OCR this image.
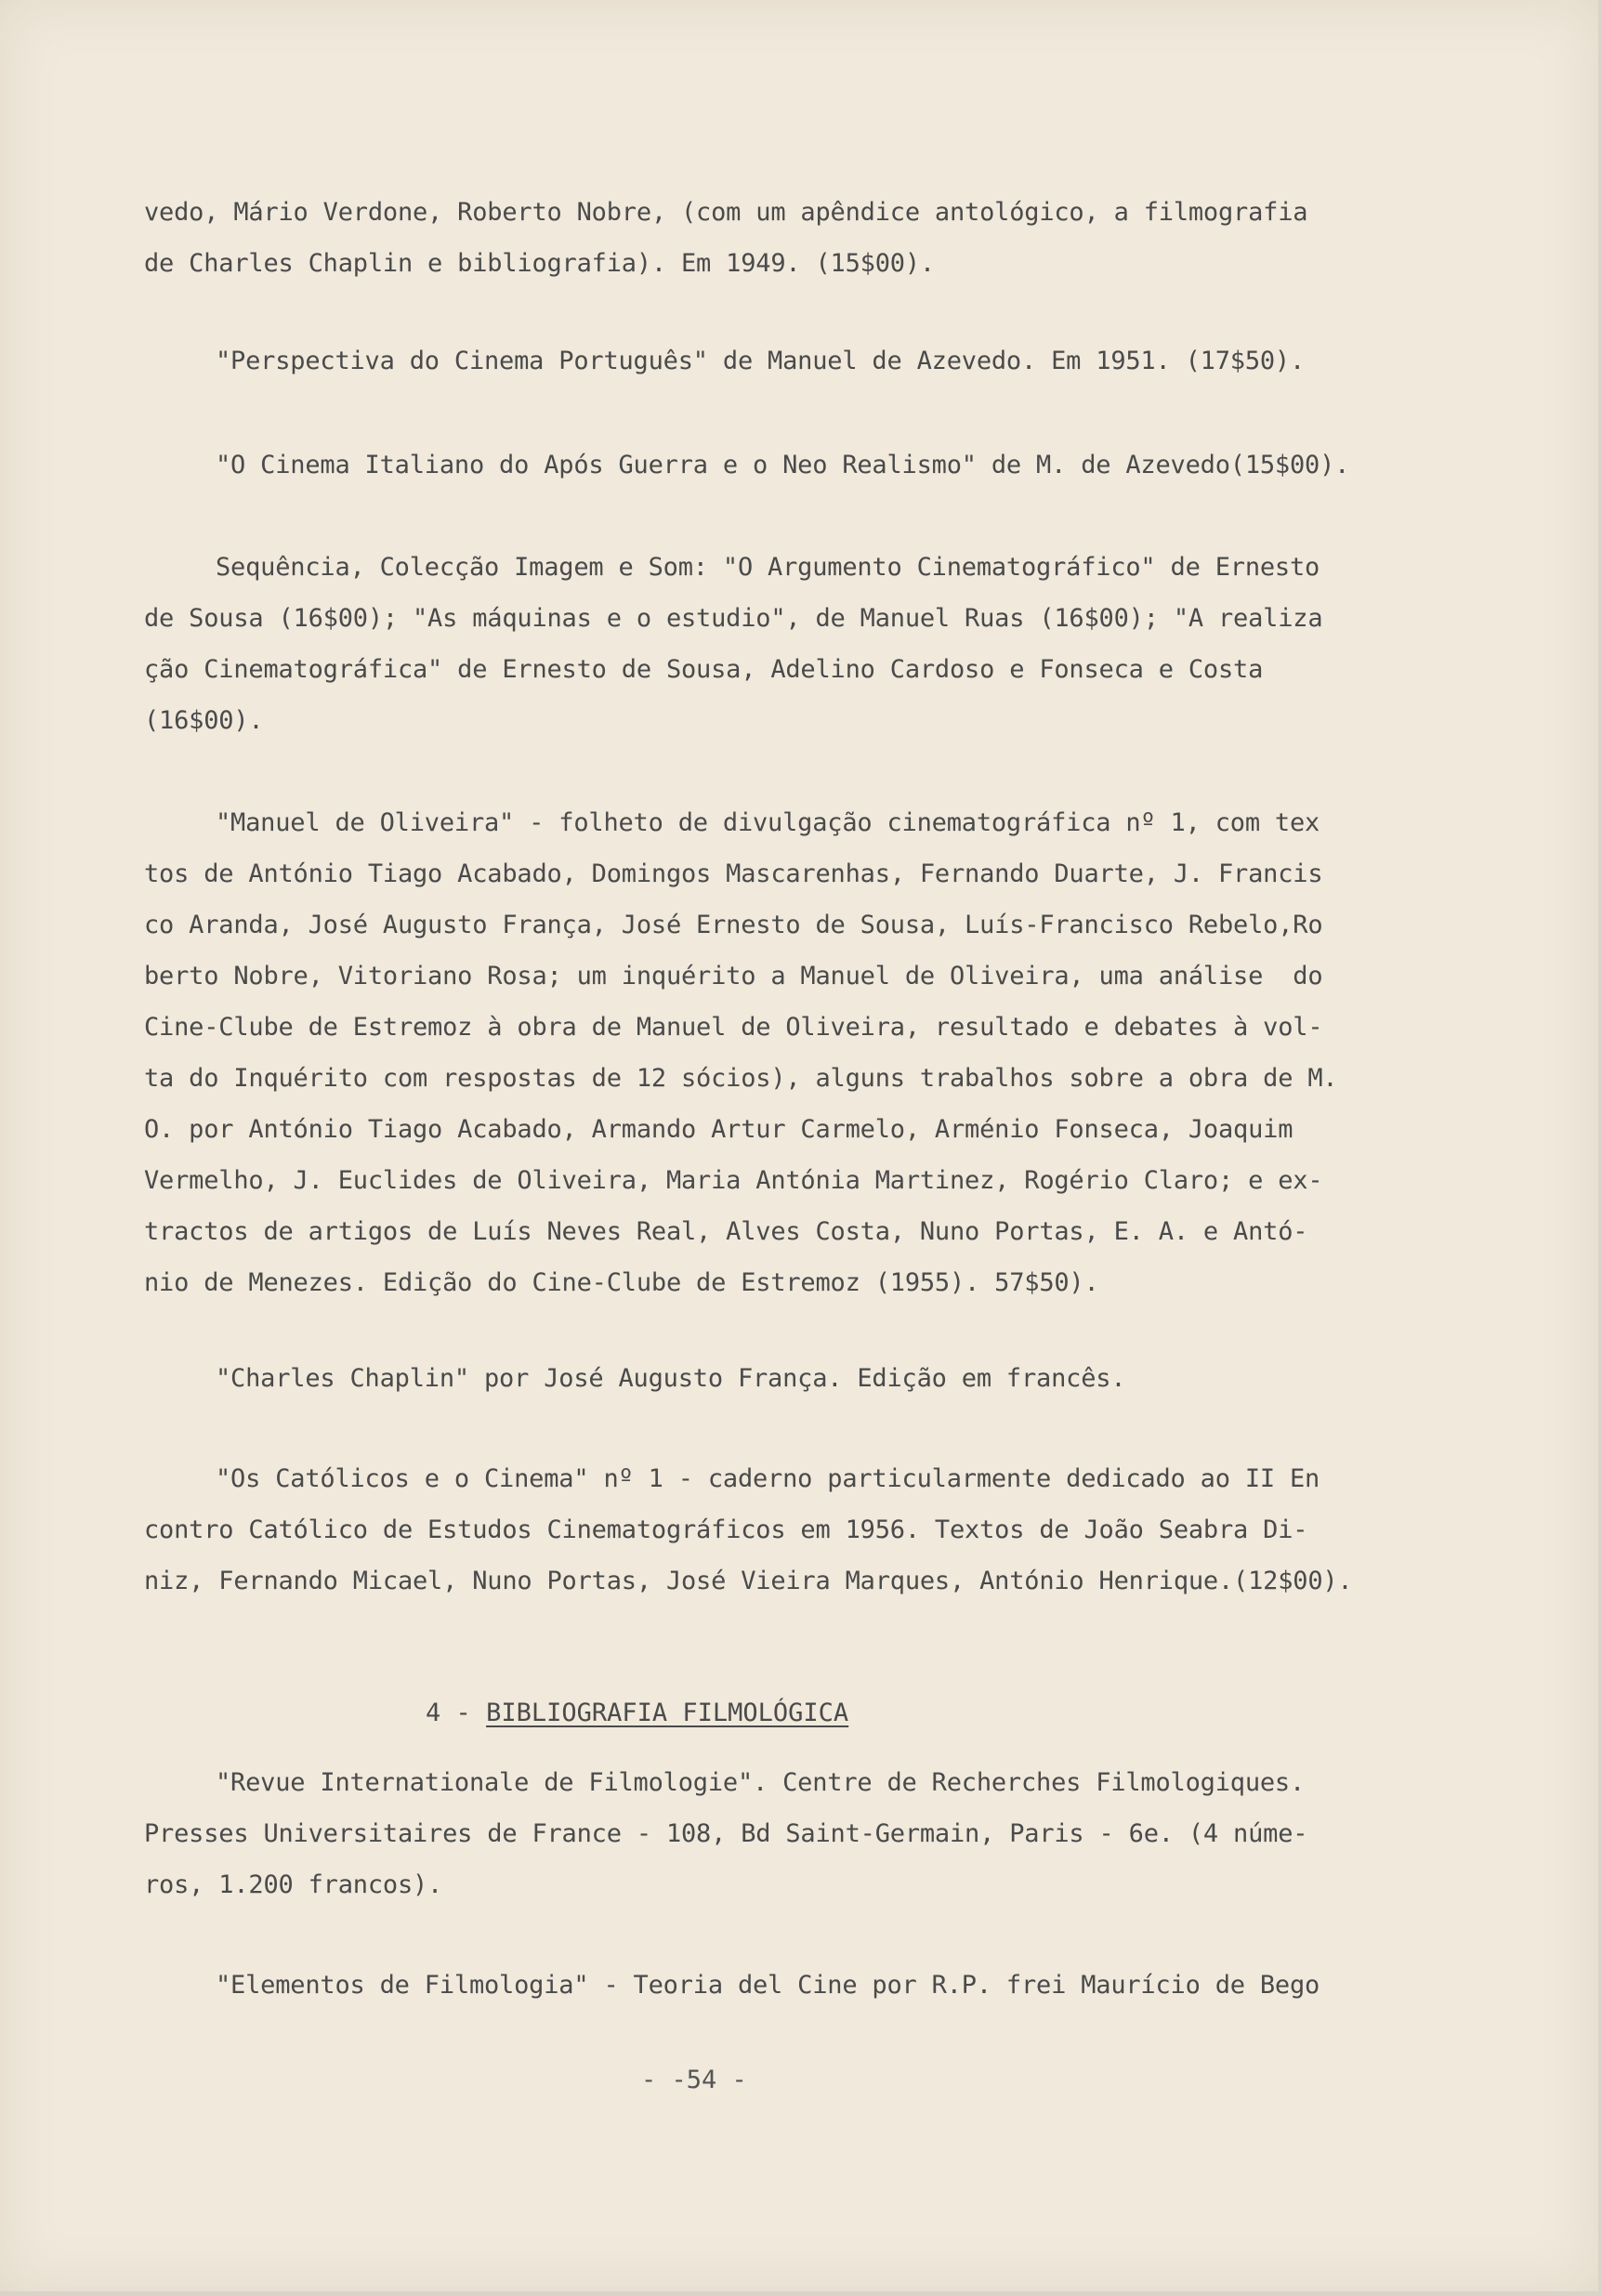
vedo, Mário Verdone, Roberto Nobre, (com um apêndice antológico, a filmografia
de Charles Chaplin e bibliografia). Em 1949. (15$00).
"Perspectiva do Cinema Português" de Manuel de Azevedo. Em 1951. (17$50).
"O Cinema Italiano do Após Guerra e o Neo Realismo" de M. de Azevedo(15$00).
Sequência, Colecção Imagem e Som: "O Argumento Cinematográfico" de Ernesto
de Sousa (16$00); "As máquinas e o estudio", de Manuel Ruas (16$00); "A realiza
ção Cinematográfica" de Ernesto de Sousa, Adelino Cardoso e Fonseca e Costa
(16$00).
"Manuel de Oliveira" - folheto de divulgação cinematográfica nº 1, com tex
tos de António Tiago Acabado, Domingos Mascarenhas, Fernando Duarte, J. Francis
co Aranda, José Augusto França, José Ernesto de Sousa, Luís-Francisco Rebelo,Ro
berto Nobre, Vitoriano Rosa; um inquérito a Manuel de Oliveira, uma análise  do
Cine-Clube de Estremoz à obra de Manuel de Oliveira, resultado e debates à vol-
ta do Inquérito com respostas de 12 sócios), alguns trabalhos sobre a obra de M.
O. por António Tiago Acabado, Armando Artur Carmelo, Arménio Fonseca, Joaquim
Vermelho, J. Euclides de Oliveira, Maria Antónia Martinez, Rogério Claro; e ex-
tractos de artigos de Luís Neves Real, Alves Costa, Nuno Portas, E. A. e Antó-
nio de Menezes. Edição do Cine-Clube de Estremoz (1955). 57$50).
"Charles Chaplin" por José Augusto França. Edição em francês.
"Os Católicos e o Cinema" nº 1 - caderno particularmente dedicado ao II En
contro Católico de Estudos Cinematográficos em 1956. Textos de João Seabra Di-
niz, Fernando Micael, Nuno Portas, José Vieira Marques, António Henrique.(12$00).

4 - BIBLIOGRAFIA FILMOLÓGICA

"Revue Internationale de Filmologie". Centre de Recherches Filmologiques.
Presses Universitaires de France - 108, Bd Saint-Germain, Paris - 6e. (4 núme-
ros, 1.200 francos).
"Elementos de Filmologia" - Teoria del Cine por R.P. frei Maurício de Bego
- -54 -
